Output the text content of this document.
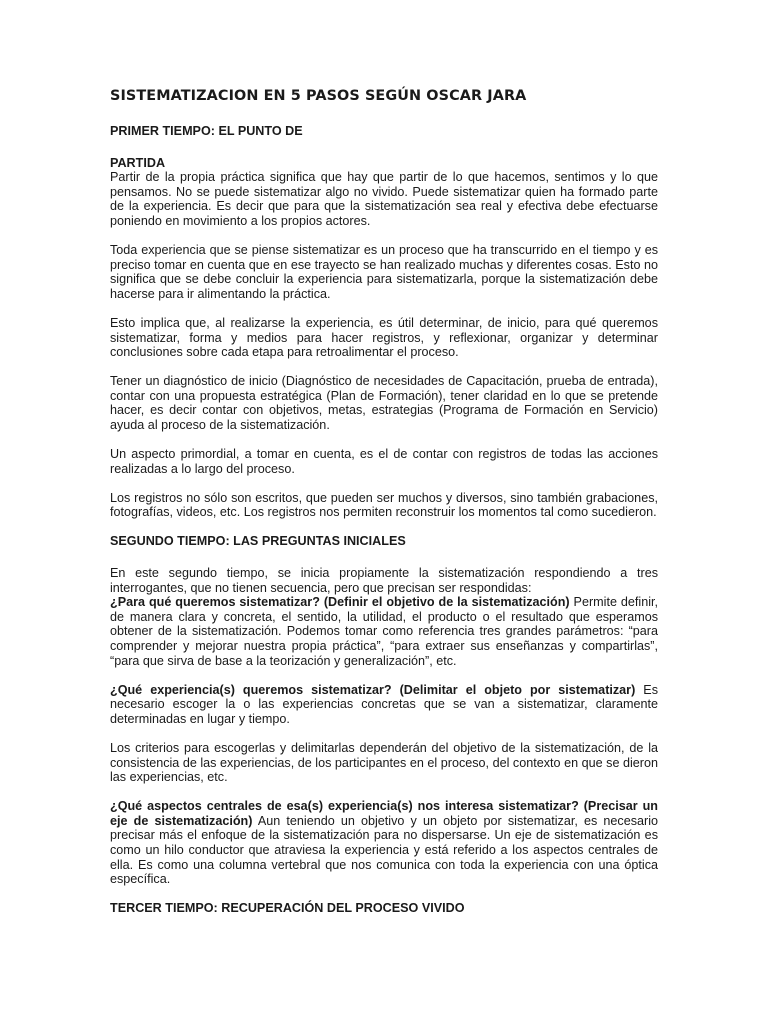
SISTEMATIZACION EN 5 PASOS SEGÚN OSCAR JARA
PRIMER TIEMPO: EL PUNTO DE
PARTIDA

Partir de la propia práctica significa que hay que partir de lo que hacemos, sentimos y lo que pensamos. No se puede sistematizar algo no vivido. Puede sistematizar quien ha formado parte de la experiencia. Es decir que para que la sistematización sea real y efectiva debe efectuarse poniendo en movimiento a los propios actores.

Toda experiencia que se piense sistematizar es un proceso que ha transcurrido en el tiempo y es preciso tomar en cuenta que en ese trayecto se han realizado muchas y diferentes cosas. Esto no significa que se debe concluir la experiencia para sistematizarla, porque la sistematización debe hacerse para ir alimentando la práctica.

Esto implica que, al realizarse la experiencia, es útil determinar, de inicio, para qué queremos sistematizar, forma y medios para hacer registros, y reflexionar, organizar y determinar conclusiones sobre cada etapa para retroalimentar el proceso.

Tener un diagnóstico de inicio (Diagnóstico de necesidades de Capacitación, prueba de entrada), contar con una propuesta estratégica (Plan de Formación), tener claridad en lo que se pretende hacer, es decir contar con objetivos, metas, estrategias (Programa de Formación en Servicio) ayuda al proceso de la sistematización.

Un aspecto primordial, a tomar en cuenta, es el de contar con registros de todas las acciones realizadas a lo largo del proceso.

Los registros no sólo son escritos, que pueden ser muchos y diversos, sino también grabaciones, fotografías, videos, etc. Los registros nos permiten reconstruir los momentos tal como sucedieron.

SEGUNDO TIEMPO: LAS PREGUNTAS INICIALES

En este segundo tiempo, se inicia propiamente la sistematización respondiendo a tres interrogantes, que no tienen secuencia, pero que precisan ser respondidas:

¿Para qué queremos sistematizar? (Definir el objetivo de la sistematización) Permite definir, de manera clara y concreta, el sentido, la utilidad, el producto o el resultado que esperamos obtener de la sistematización. Podemos tomar como referencia tres grandes parámetros: “para comprender y mejorar nuestra propia práctica”, “para extraer sus enseñanzas y compartirlas”, “para que sirva de base a la teorización y generalización”, etc.

¿Qué experiencia(s) queremos sistematizar? (Delimitar el objeto por sistematizar) Es necesario escoger la o las experiencias concretas que se van a sistematizar, claramente determinadas en lugar y tiempo.

Los criterios para escogerlas y delimitarlas dependerán del objetivo de la sistematización, de la consistencia de las experiencias, de los participantes en el proceso, del contexto en que se dieron las experiencias, etc.

¿Qué aspectos centrales de esa(s) experiencia(s) nos interesa sistematizar? (Precisar un eje de sistematización) Aun teniendo un objetivo y un objeto por sistematizar, es necesario precisar más el enfoque de la sistematización para no dispersarse. Un eje de sistematización es como un hilo conductor que atraviesa la experiencia y está referido a los aspectos centrales de ella. Es como una columna vertebral que nos comunica con toda la experiencia con una óptica específica.

TERCER TIEMPO: RECUPERACIÓN DEL PROCESO VIVIDO
